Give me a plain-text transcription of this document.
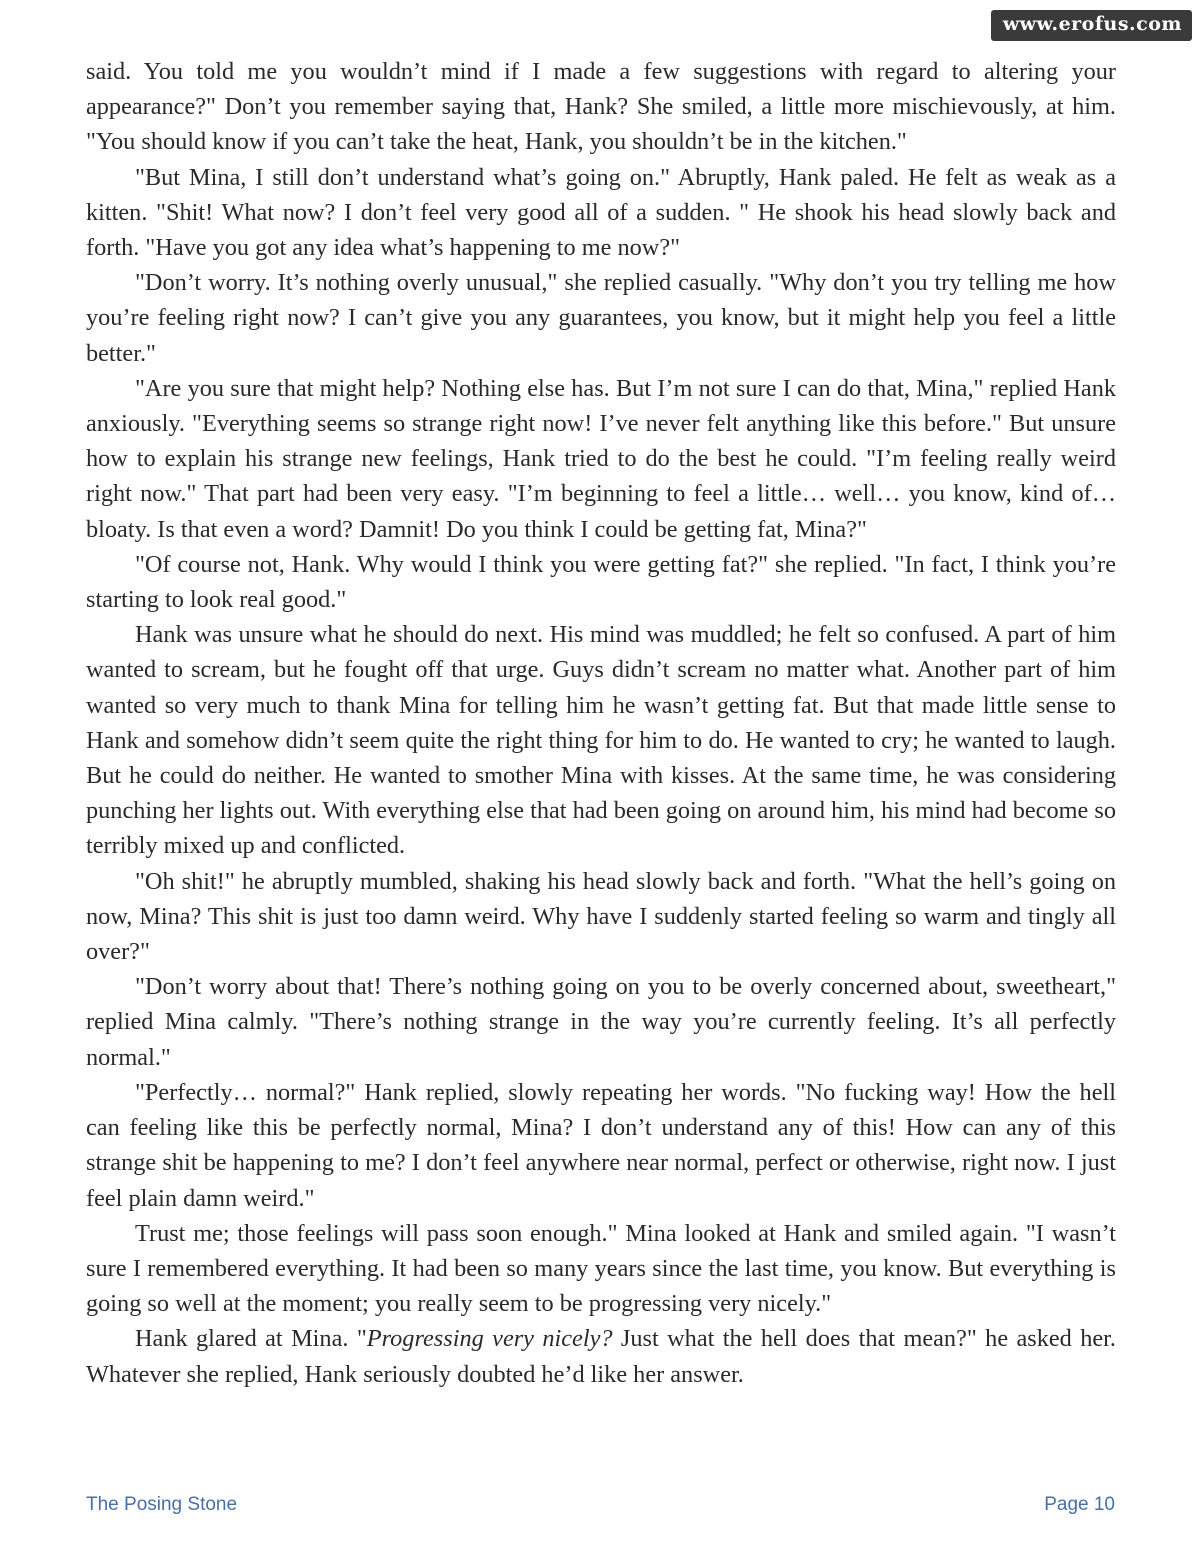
www.erofus.com

said. You told me you wouldn’t mind if I made a few suggestions with regard to altering your appearance?" Don’t you remember saying that, Hank? She smiled, a little more mischievously, at him. "You should know if you can’t take the heat, Hank, you shouldn’t be in the kitchen."

"But Mina, I still don’t understand what’s going on." Abruptly, Hank paled. He felt as weak as a kitten. "Shit! What now? I don’t feel very good all of a sudden. " He shook his head slowly back and forth. "Have you got any idea what’s happening to me now?"

"Don’t worry. It’s nothing overly unusual," she replied casually. "Why don’t you try telling me how you’re feeling right now? I can’t give you any guarantees, you know, but it might help you feel a little better."

"Are you sure that might help? Nothing else has. But I’m not sure I can do that, Mina," replied Hank anxiously. "Everything seems so strange right now! I’ve never felt anything like this before." But unsure how to explain his strange new feelings, Hank tried to do the best he could. "I’m feeling really weird right now." That part had been very easy. "I’m beginning to feel a little… well… you know, kind of… bloaty. Is that even a word? Damnit! Do you think I could be getting fat, Mina?"

"Of course not, Hank. Why would I think you were getting fat?" she replied. "In fact, I think you’re starting to look real good."

Hank was unsure what he should do next. His mind was muddled; he felt so confused. A part of him wanted to scream, but he fought off that urge. Guys didn’t scream no matter what. Another part of him wanted so very much to thank Mina for telling him he wasn’t getting fat. But that made little sense to Hank and somehow didn’t seem quite the right thing for him to do. He wanted to cry; he wanted to laugh. But he could do neither. He wanted to smother Mina with kisses. At the same time, he was considering punching her lights out. With everything else that had been going on around him, his mind had become so terribly mixed up and conflicted.

"Oh shit!" he abruptly mumbled, shaking his head slowly back and forth. "What the hell’s going on now, Mina? This shit is just too damn weird. Why have I suddenly started feeling so warm and tingly all over?"

"Don’t worry about that! There’s nothing going on you to be overly concerned about, sweetheart," replied Mina calmly. "There’s nothing strange in the way you’re currently feeling. It’s all perfectly normal."

"Perfectly… normal?" Hank replied, slowly repeating her words. "No fucking way! How the hell can feeling like this be perfectly normal, Mina? I don’t understand any of this! How can any of this strange shit be happening to me? I don’t feel anywhere near normal, perfect or otherwise, right now. I just feel plain damn weird."

Trust me; those feelings will pass soon enough." Mina looked at Hank and smiled again. "I wasn’t sure I remembered everything. It had been so many years since the last time, you know. But everything is going so well at the moment; you really seem to be progressing very nicely."

Hank glared at Mina. "Progressing very nicely? Just what the hell does that mean?" he asked her. Whatever she replied, Hank seriously doubted he’d like her answer.

The Posing Stone	Page 10
